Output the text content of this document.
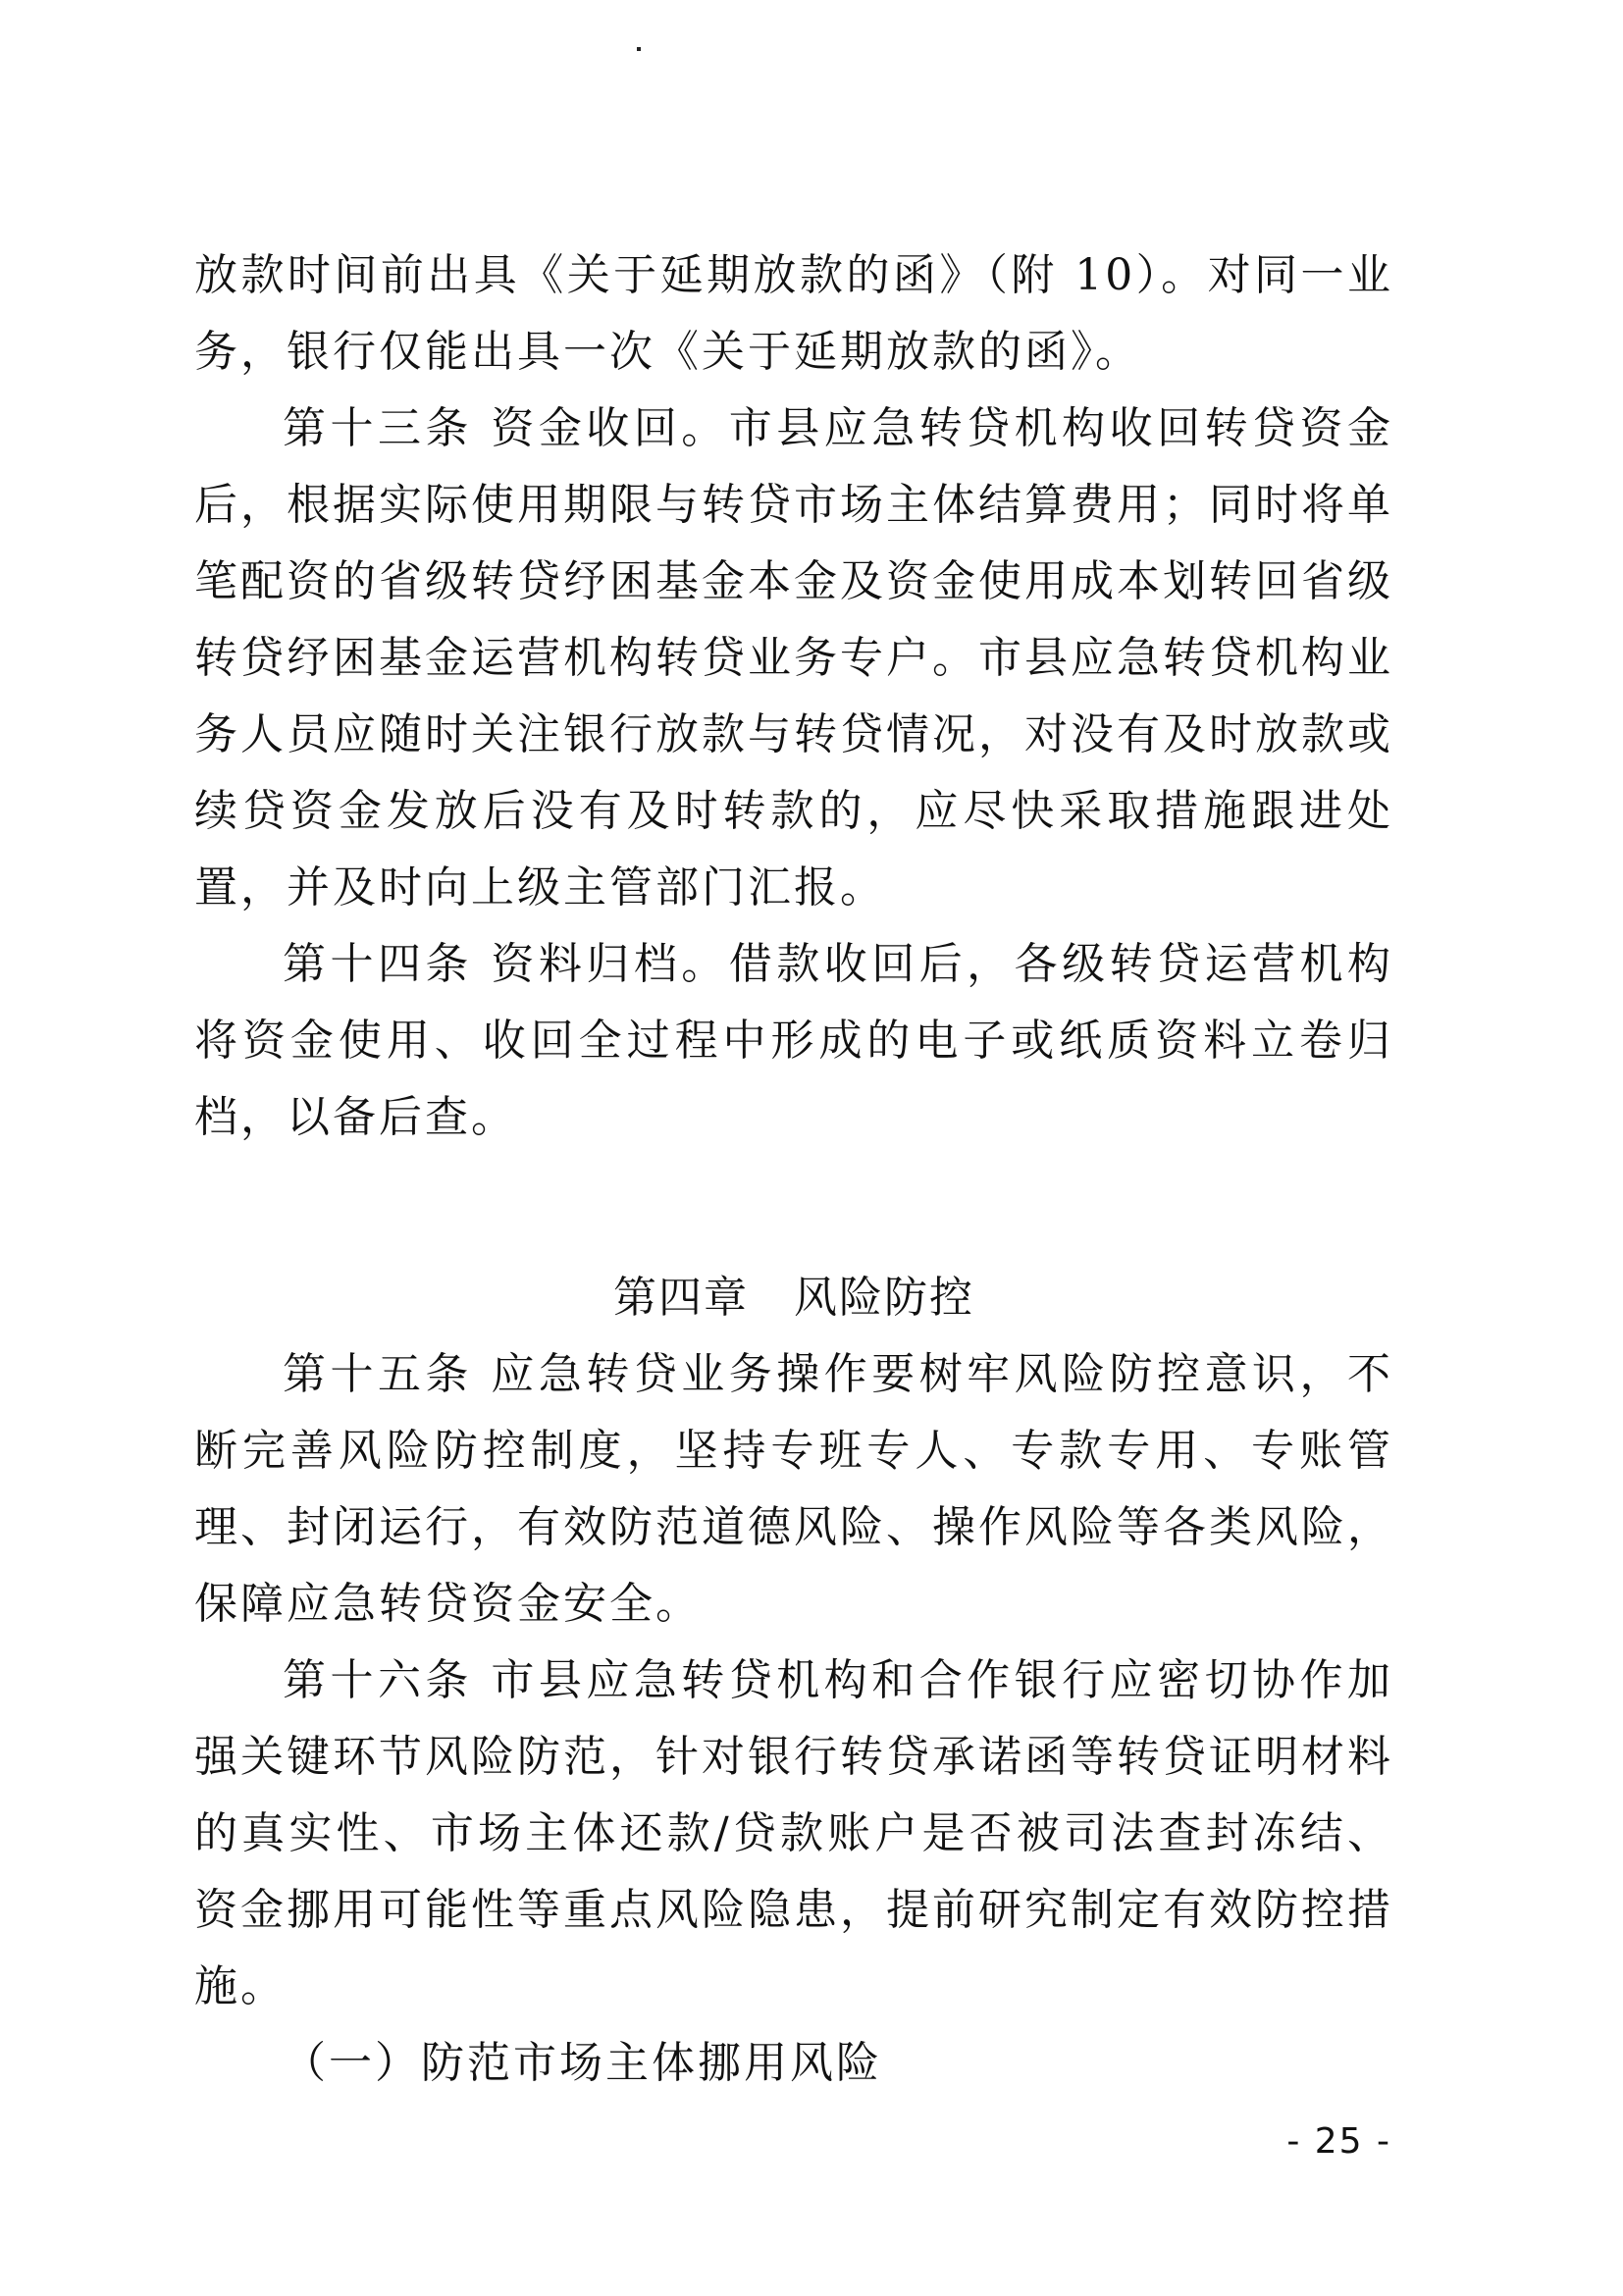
放款时间前出具《关于延期放款的函》（附 10）。对同一业务，银行仅能出具一次《关于延期放款的函》。

第十三条 资金收回。市县应急转贷机构收回转贷资金后，根据实际使用期限与转贷市场主体结算费用；同时将单笔配资的省级转贷纾困基金本金及资金使用成本划转回省级转贷纾困基金运营机构转贷业务专户。市县应急转贷机构业务人员应随时关注银行放款与转贷情况，对没有及时放款或续贷资金发放后没有及时转款的，应尽快采取措施跟进处置，并及时向上级主管部门汇报。

第十四条 资料归档。借款收回后，各级转贷运营机构将资金使用、收回全过程中形成的电子或纸质资料立卷归档，以备后查。

第四章　风险防控

第十五条 应急转贷业务操作要树牢风险防控意识，不断完善风险防控制度，坚持专班专人、专款专用、专账管理、封闭运行，有效防范道德风险、操作风险等各类风险，保障应急转贷资金安全。

第十六条 市县应急转贷机构和合作银行应密切协作加强关键环节风险防范，针对银行转贷承诺函等转贷证明材料的真实性、市场主体还款/贷款账户是否被司法查封冻结、资金挪用可能性等重点风险隐患，提前研究制定有效防控措施。

（一）防范市场主体挪用风险

- 25 -
